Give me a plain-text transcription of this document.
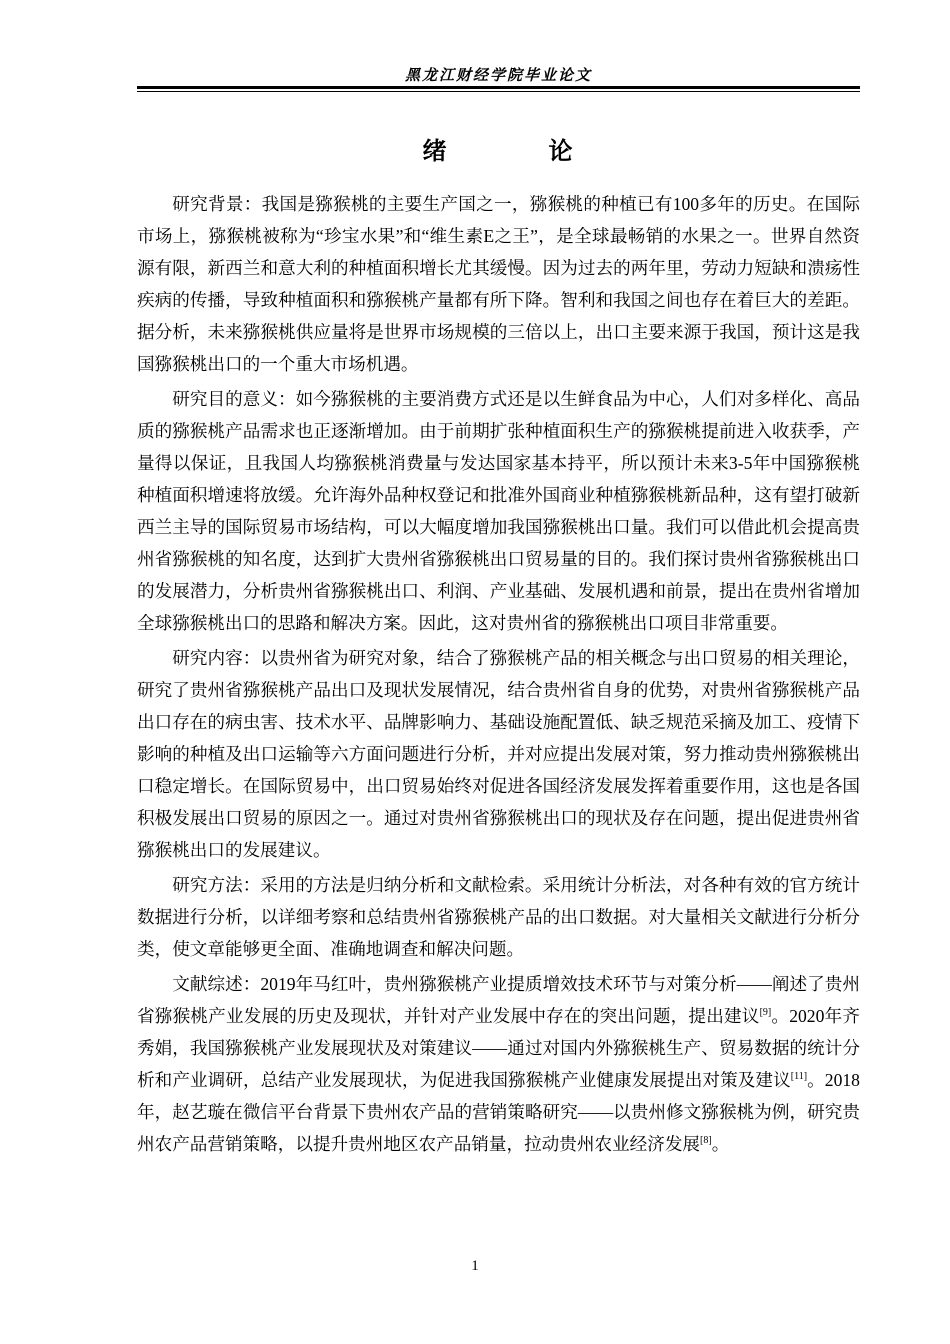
黑龙江财经学院毕业论文
绪	论

研究背景：我国是猕猴桃的主要生产国之一，猕猴桃的种植已有100多年的历史。在国际市场上，猕猴桃被称为“珍宝水果”和“维生素E之王”，是全球最畅销的水果之一。世界自然资源有限，新西兰和意大利的种植面积增长尤其缓慢。因为过去的两年里，劳动力短缺和溃疡性疾病的传播，导致种植面积和猕猴桃产量都有所下降。智利和我国之间也存在着巨大的差距。据分析，未来猕猴桃供应量将是世界市场规模的三倍以上，出口主要来源于我国，预计这是我国猕猴桃出口的一个重大市场机遇。

研究目的意义：如今猕猴桃的主要消费方式还是以生鲜食品为中心，人们对多样化、高品质的猕猴桃产品需求也正逐渐增加。由于前期扩张种植面积生产的猕猴桃提前进入收获季，产量得以保证，且我国人均猕猴桃消费量与发达国家基本持平，所以预计未来3-5年中国猕猴桃种植面积增速将放缓。允许海外品种权登记和批准外国商业种植猕猴桃新品种，这有望打破新西兰主导的国际贸易市场结构，可以大幅度增加我国猕猴桃出口量。我们可以借此机会提高贵州省猕猴桃的知名度，达到扩大贵州省猕猴桃出口贸易量的目的。我们探讨贵州省猕猴桃出口的发展潜力，分析贵州省猕猴桃出口、利润、产业基础、发展机遇和前景，提出在贵州省增加全球猕猴桃出口的思路和解决方案。因此，这对贵州省的猕猴桃出口项目非常重要。

研究内容：以贵州省为研究对象，结合了猕猴桃产品的相关概念与出口贸易的相关理论，研究了贵州省猕猴桃产品出口及现状发展情况，结合贵州省自身的优势，对贵州省猕猴桃产品出口存在的病虫害、技术水平、品牌影响力、基础设施配置低、缺乏规范采摘及加工、疫情下影响的种植及出口运输等六方面问题进行分析，并对应提出发展对策，努力推动贵州猕猴桃出口稳定增长。在国际贸易中，出口贸易始终对促进各国经济发展发挥着重要作用，这也是各国积极发展出口贸易的原因之一。通过对贵州省猕猴桃出口的现状及存在问题，提出促进贵州省猕猴桃出口的发展建议。

研究方法：采用的方法是归纳分析和文献检索。采用统计分析法，对各种有效的官方统计数据进行分析，以详细考察和总结贵州省猕猴桃产品的出口数据。对大量相关文献进行分析分类，使文章能够更全面、准确地调查和解决问题。

文献综述：2019年马红叶，贵州猕猴桃产业提质增效技术环节与对策分析——阐述了贵州省猕猴桃产业发展的历史及现状，并针对产业发展中存在的突出问题，提出建议[9]。2020年齐秀娟，我国猕猴桃产业发展现状及对策建议——通过对国内外猕猴桃生产、贸易数据的统计分析和产业调研，总结产业发展现状，为促进我国猕猴桃产业健康发展提出对策及建议[11]。2018年，赵艺璇在微信平台背景下贵州农产品的营销策略研究——以贵州修文猕猴桃为例，研究贵州农产品营销策略，以提升贵州地区农产品销量，拉动贵州农业经济发展[8]。

1
